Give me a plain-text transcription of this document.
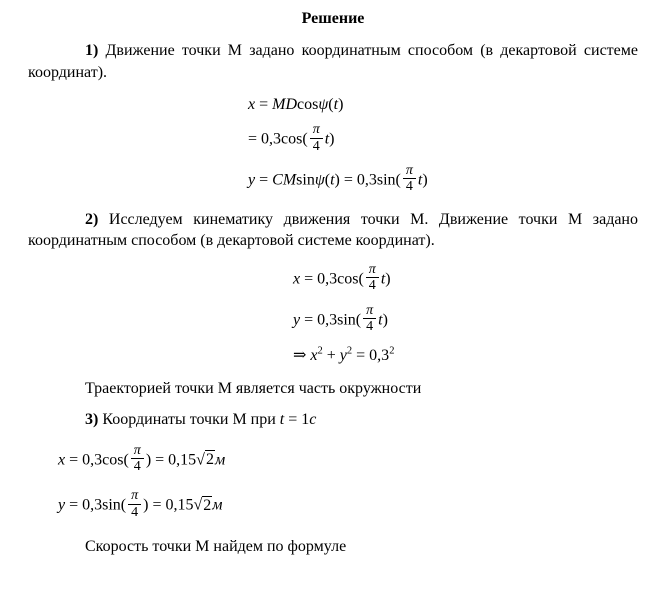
Решение

1) Движение точки М задано координатным способом (в декартовой системе координат).

x = MDcosψ(t)
= $0,3\cos( \frac{\pi}{4} t)$
$y = CMsin\psi(t) = 0,3\sin( \frac{\pi}{4} t)$

2) Исследуем кинематику движения точки М. Движение точки М задано координатным способом (в декартовой системе координат).

$x = 0,3\cos( \frac{\pi}{4} t)$
$y = 0,3\sin( \frac{\pi}{4} t)$
⇒ $x^2 + y^2 = 0,3^2$

Траекторией точки М является часть окружности

3) Координаты точки М при t = 1c

$x = 0,3\cos( \frac{\pi}{4}$ ) = 0,15√2м
$y = 0,3\sin( \frac{\pi}{4}$ ) = 0,15√2м

Скорость точки М найдем по формуле
